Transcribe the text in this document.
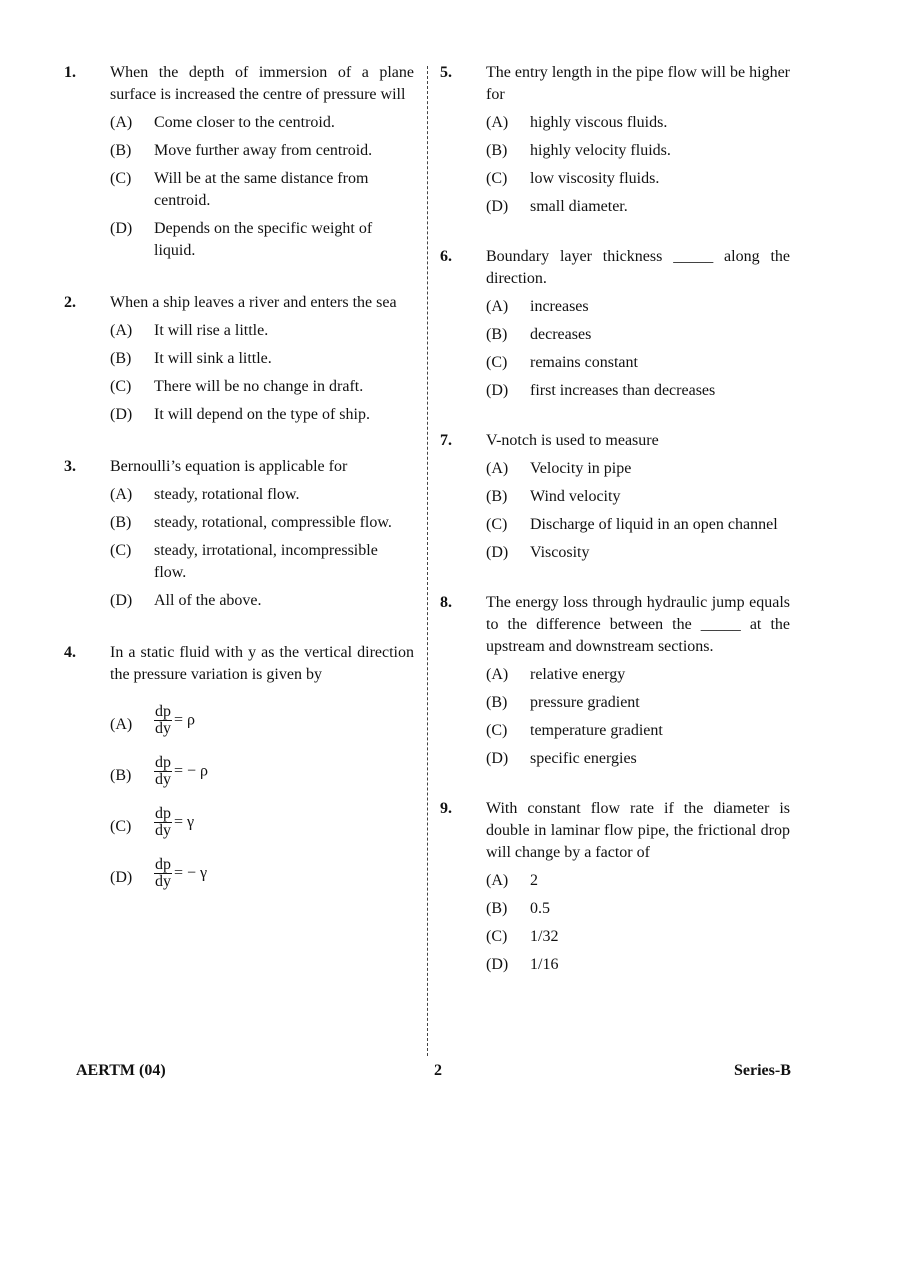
1.	When the depth of immersion of a plane surface is increased the centre of pressure will

(A) Come closer to the centroid.
(B) Move further away from centroid.
(C) Will be at the same distance from centroid.
(D) Depends on the specific weight of liquid.
2.	When a ship leaves a river and enters the sea

(A) It will rise a little.
(B) It will sink a little.
(C) There will be no change in draft.
(D) It will depend on the type of ship.
3.	Bernoulli’s equation is applicable for

(A) steady, rotational flow.
(B) steady, rotational, compressible flow.
(C) steady, irrotational, incompressible flow.
(D) All of the above.
4.	In a static fluid with y as the vertical direction the pressure variation is given by

$(A) \frac{dp}{dy} = \rho$
$(B) \frac{dp}{dy}$ = − ρ
$(C) \frac{dp}{dy} = \gamma$
$(D) \frac{dp}{dy}$ = − γ
5.	The entry length in the pipe flow will be higher for

(A) highly viscous fluids.
(B) highly velocity fluids.
(C) low viscosity fluids.
(D) small diameter.
6.	Boundary layer thickness _____ along the direction.

(A) increases
(B) decreases
(C) remains constant
(D) first increases than decreases
7.	V-notch is used to measure

(A) Velocity in pipe
(B) Wind velocity
(C) Discharge of liquid in an open channel
(D) Viscosity
8.	The energy loss through hydraulic jump equals to the difference between the _____ at the upstream and downstream sections.

(A) relative energy
(B) pressure gradient
(C) temperature gradient
(D) specific energies
9.	With constant flow rate if the diameter is double in laminar flow pipe, the frictional drop will change by a factor of

(A) 2
(B) 0.5
(C) 1/32
(D) 1/16
AERTM (04)	2	Series-B
